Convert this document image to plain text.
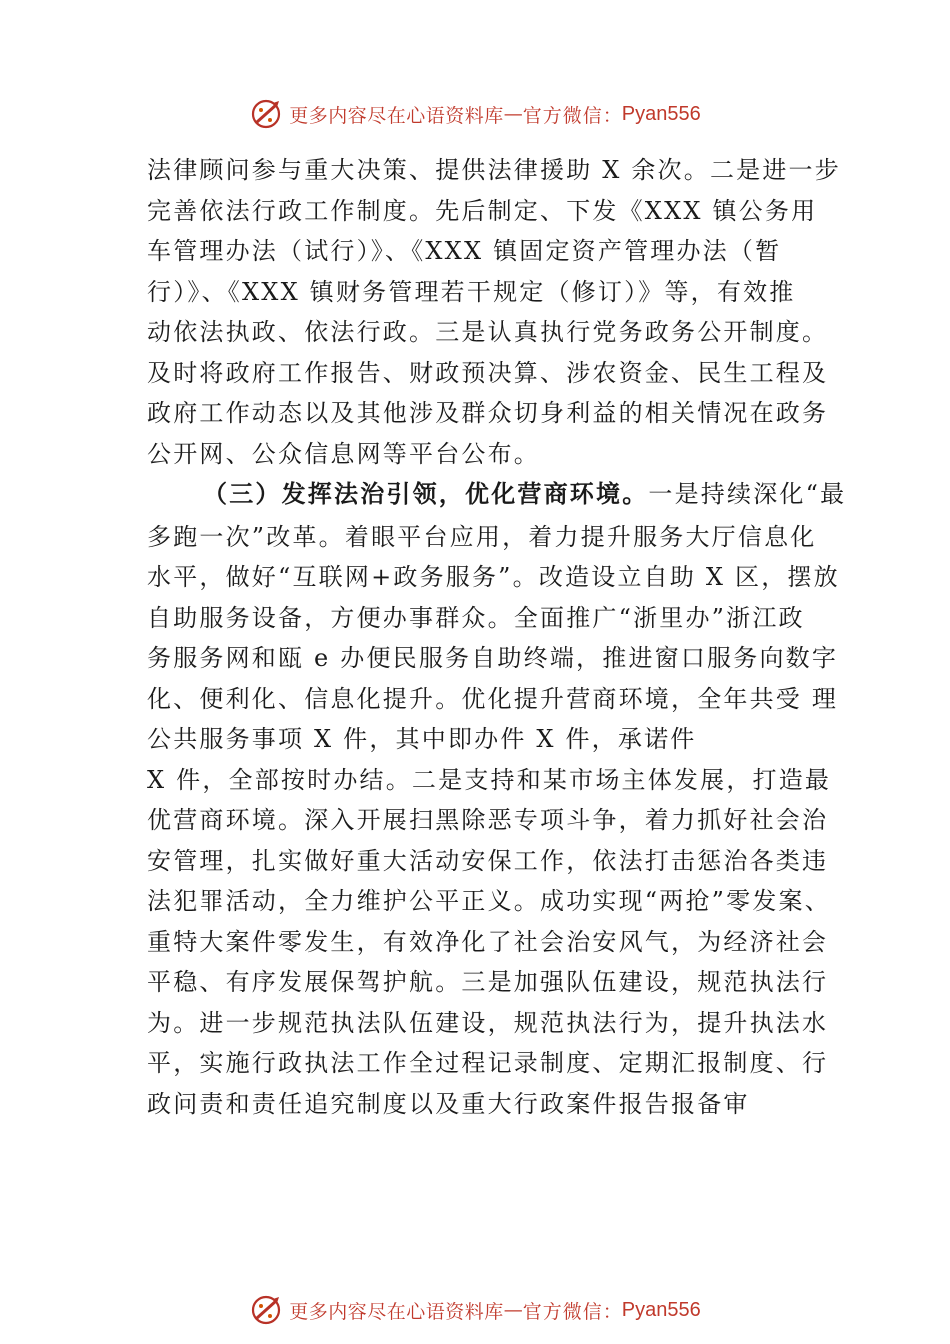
更多内容尽在心语资料库 — 官方微信 ： Pyan556
法律顾问参与重大决策、提供法律援助 X 余次。二是进一步
完善依法行政工作制度。先后制定、下发《XXX 镇公务用
车管理办法（试行）》、《XXX 镇固定资产管理办法（暂
行）》、《XXX 镇财务管理若干规定（修订）》等，有效推
动依法执政、依法行政。三是认真执行党务政务公开制度。
及时将政府工作报告、财政预决算、涉农资金、民生工程及
政府工作动态以及其他涉及群众切身利益的相关情况在政务
公开网、公众信息网等平台公布。
（三）发挥法治引领，优化营商环境。一是持续深化“最
多跑一次”改革。着眼平台应用，着力提升服务大厅信息化
水平，做好“互联网+政务服务”。改造设立自助 X 区，摆放
自助服务设备，方便办事群众。全面推广“浙里办”浙江政
务服务网和瓯 e 办便民服务自助终端，推进窗口服务向数字
化、便利化、信息化提升。优化提升营商环境，全年共受 理
公共服务事项 X 件，其中即办件 X 件，承诺件
X 件，全部按时办结。二是支持和某市场主体发展，打造最
优营商环境。深入开展扫黑除恶专项斗争，着力抓好社会治
安管理，扎实做好重大活动安保工作，依法打击惩治各类违
法犯罪活动，全力维护公平正义。成功实现“两抢”零发案、
重特大案件零发生，有效净化了社会治安风气，为经济社会
平稳、有序发展保驾护航。三是加强队伍建设，规范执法行
为。进一步规范执法队伍建设，规范执法行为，提升执法水
平，实施行政执法工作全过程记录制度、定期汇报制度、行
政问责和责任追究制度以及重大行政案件报告报备审
更多内容尽在心语资料库 — 官方微信 ： Pyan556
